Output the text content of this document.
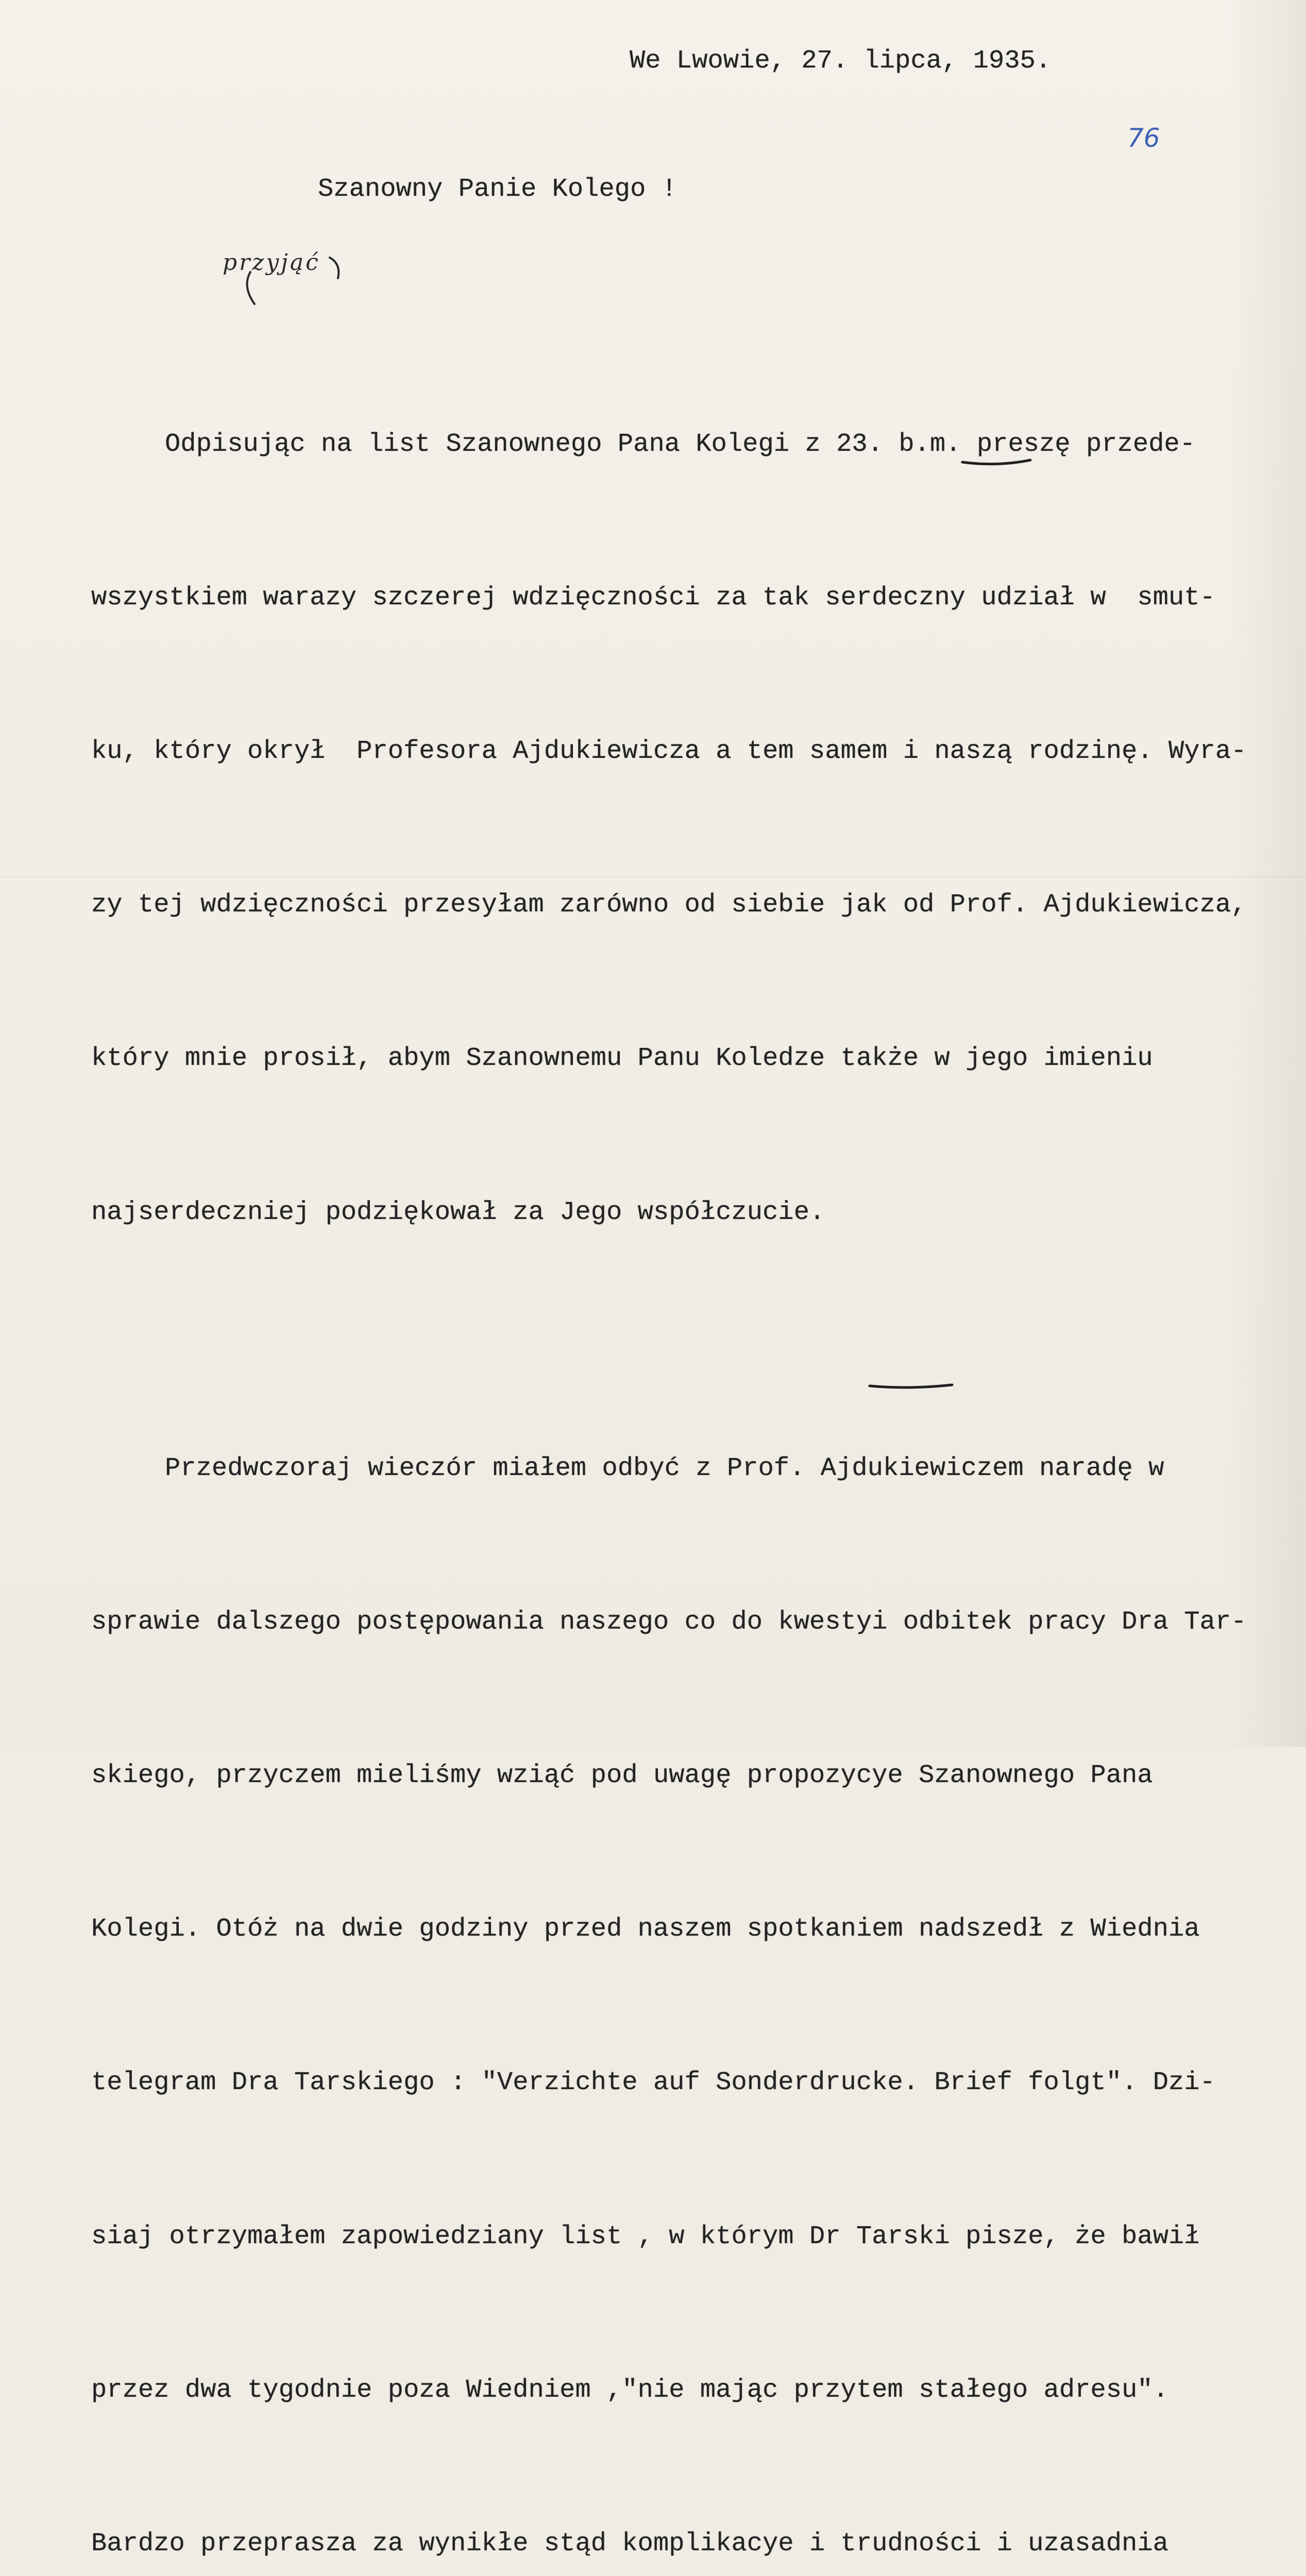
We Lwowie, 27. lipca, 1935.
76
Szanowny Panie Kolego !
przyjąć

Odpisując na list Szanownego Pana Kolegi z 23. b.m. preszę przede-

wszystkiem warazy szczerej wdzięczności za tak serdeczny udział w  smut-

ku, który okrył  Profesora Ajdukiewicza a tem samem i naszą rodzinę. Wyra-

zy tej wdzięczności przesyłam zarówno od siebie jak od Prof. Ajdukiewicza,

który mnie prosił, abym Szanownemu Panu Koledze także w jego imieniu

najserdeczniej podziękował za Jego współczucie.

Przedwczoraj wieczór miałem odbyć z Prof. Ajdukiewiczem naradę w

sprawie dalszego postępowania naszego co do kwestyi odbitek pracy Dra Tar-

skiego, przyczem mieliśmy wziąć pod uwagę propozycye Szanownego Pana

Kolegi. Otóż na dwie godziny przed naszem spotkaniem nadszedł z Wiednia

telegram Dra Tarskiego : "Verzichte auf Sonderdrucke. Brief folgt". Dzi-

siaj otrzymałem zapowiedziany list , w którym Dr Tarski pisze, że bawił

przez dwa tygodnie poza Wiedniem ,"nie mając przytem stałego adresu".

Bardzo przeprasza za wynikłe stąd komplikacye i trudności i uzasadnia
